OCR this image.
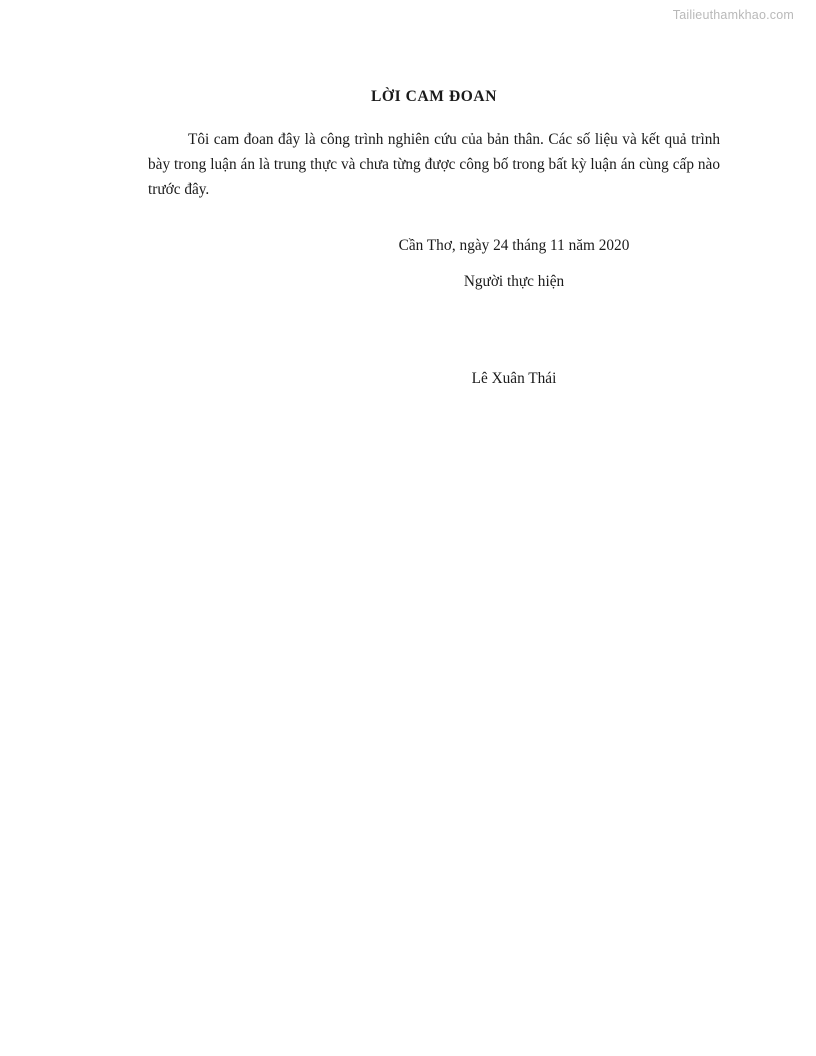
Tailieuthamkhao.com
LỜI CAM ĐOAN

Tôi cam đoan đây là công trình nghiên cứu của bản thân. Các số liệu và kết quả trình bày trong luận án là trung thực và chưa từng được công bố trong bất kỳ luận án cùng cấp nào trước đây.

Cần Thơ, ngày 24 tháng 11 năm 2020
Người thực hiện
Lê Xuân Thái
